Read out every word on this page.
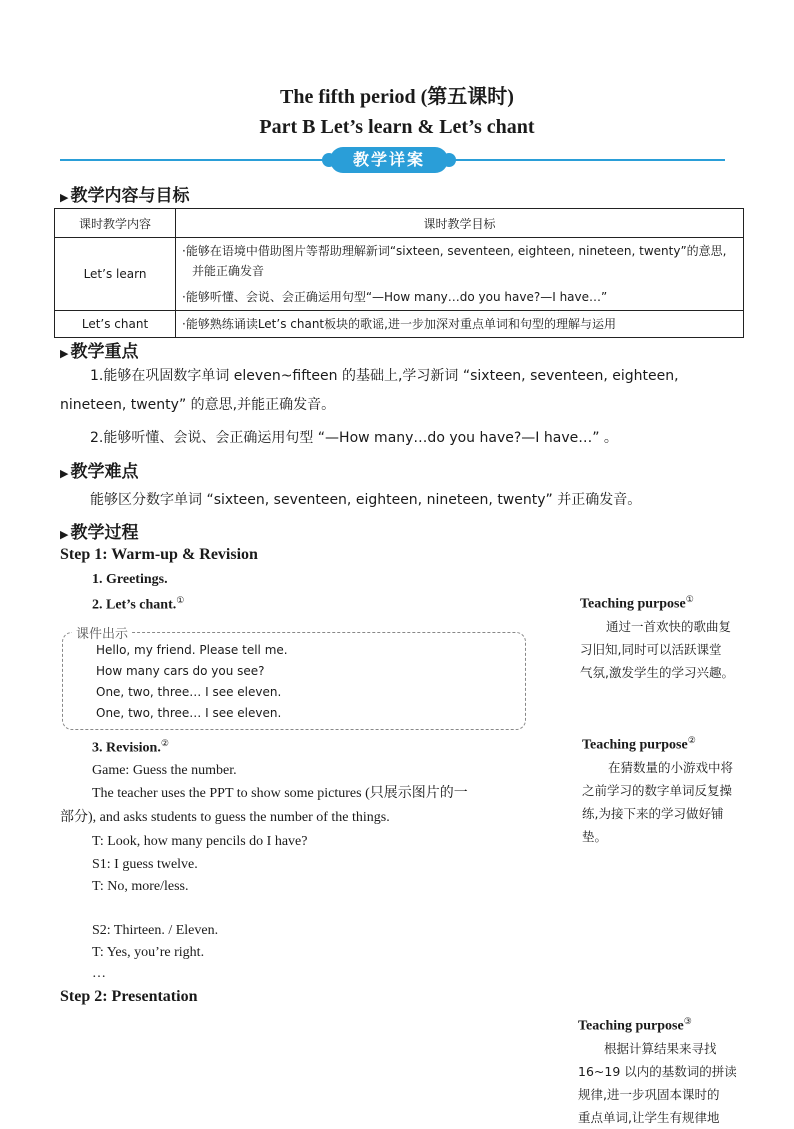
The fifth period (第五课时)
Part B Let’s learn & Let’s chant
教学详案
▶ 教学内容与目标
课时教学内容	课时教学目标
Let’s learn	·能够在语境中借助图片等帮助理解新词“sixteen, seventeen, eighteen, nineteen, twenty”的意思,
并能正确发音
·能够听懂、会说、会正确运用句型“—How many…do you have?—I have…”

Let’s chant	·能够熟练诵读Let’s chant板块的歌谣,进一步加深对重点单词和句型的理解与运用
▶ 教学重点
1.能够在巩固数字单词 eleven~fifteen 的基础上,学习新词 “sixteen, seventeen, eighteen,
nineteen, twenty” 的意思,并能正确发音。
2.能够听懂、会说、会正确运用句型 “—How many…do you have?—I have…” 。
▶ 教学难点
能够区分数字单词 “sixteen, seventeen, eighteen, nineteen, twenty” 并正确发音。
▶ 教学过程
Step 1: Warm-up & Revision
1. Greetings.
2. Let’s chant.①
课件出示
Hello, my friend. Please tell me.
How many cars do you see?
One, two, three… I see eleven.
One, two, three… I see eleven.
3. Revision.②
Game: Guess the number.
The teacher uses the PPT to show some pictures (只展示图片的一
部分), and asks students to guess the number of the things.
T: Look, how many pencils do I have?
S1: I guess twelve.
T: No, more/less.
S2: Thirteen. / Eleven.
T: Yes, you’re right.
…
Step 2: Presentation
Teaching purpose①
通过一首欢快的歌曲复
习旧知,同时可以活跃课堂
气氛,激发学生的学习兴趣。
Teaching purpose②
在猜数量的小游戏中将
之前学习的数字单词反复操
练,为接下来的学习做好铺
垫。
Teaching purpose③
根据计算结果来寻找
16~19 以内的基数词的拼读
规律,进一步巩固本课时的
重点单词,让学生有规律地
